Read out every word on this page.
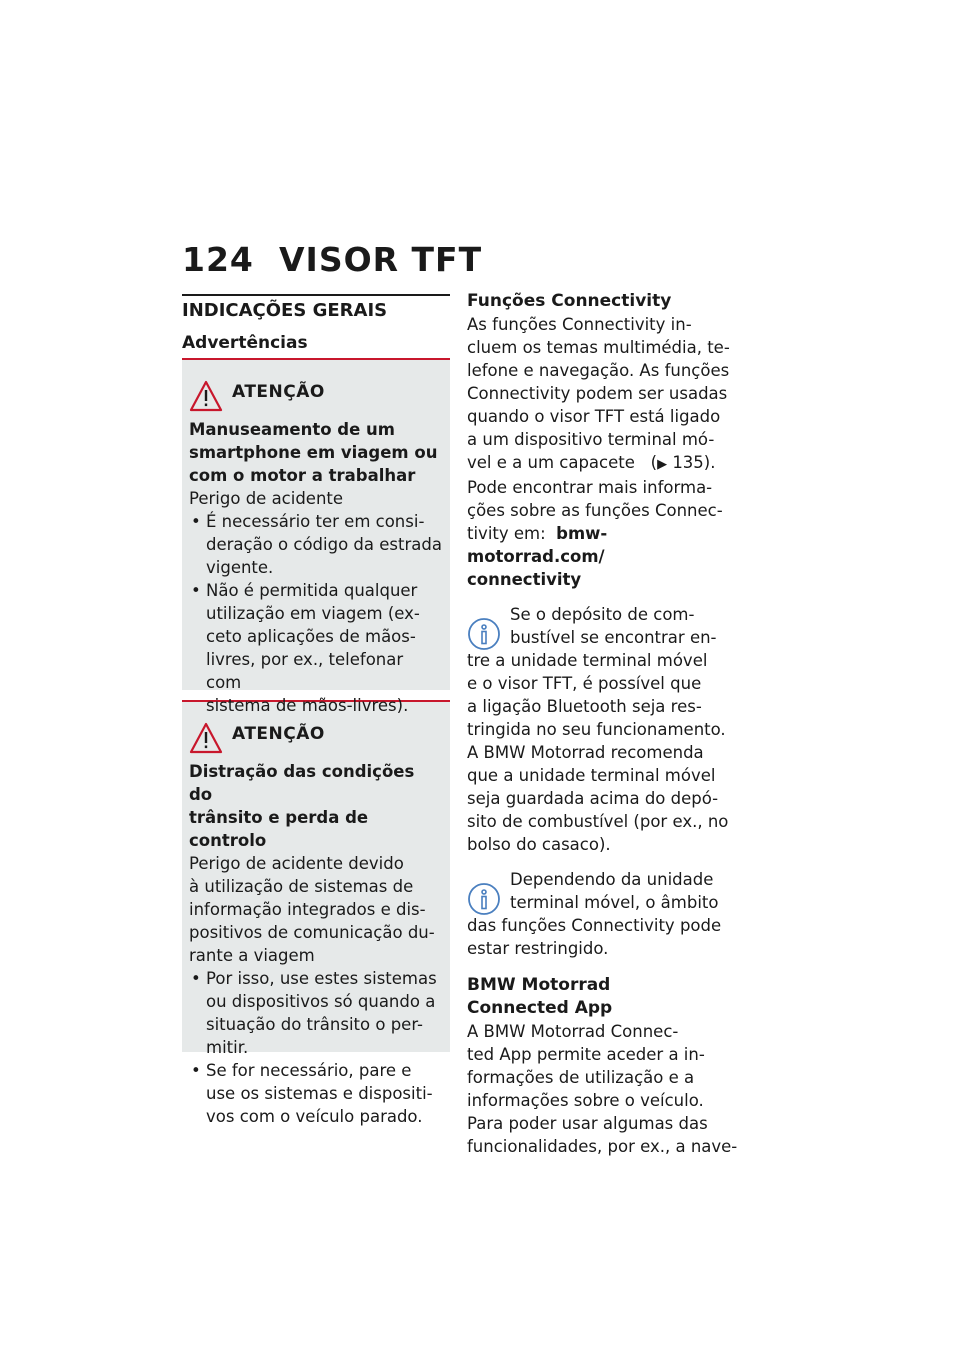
124 VISOR TFT
INDICAÇÕES GERAIS
Advertências
ATENÇÃO

Manuseamento de um
smartphone em viagem ou
com o motor a trabalhar

Perigo de acidente

• É necessário ter em consi-
deração o código da estrada
vigente.
• Não é permitida qualquer
utilização em viagem (ex-
ceto aplicações de mãos-
livres, por ex., telefonar com
sistema de mãos-livres).
ATENÇÃO

Distração das condições do
trânsito e perda de controlo

Perigo de acidente devido
à utilização de sistemas de
informação integrados e dis-
positivos de comunicação du-
rante a viagem

• Por isso, use estes sistemas
ou dispositivos só quando a
situação do trânsito o per-
mitir.
• Se for necessário, pare e
use os sistemas e dispositi-
vos com o veículo parado.
Funções Connectivity

As funções Connectivity in-
cluem os temas multimédia, te-
lefone e navegação. As funções
Connectivity podem ser usadas
quando o visor TFT está ligado
a um dispositivo terminal mó-
vel e a um capacete   (▶ 135).
Pode encontrar mais informa-
ções sobre as funções Connec-
tivity em: bmw-motorrad.com/
connectivity

Se o depósito de com-
bustível se encontrar en-
tre a unidade terminal móvel
e o visor TFT, é possível que
a ligação Bluetooth seja res-
tringida no seu funcionamento.
A BMW Motorrad recomenda
que a unidade terminal móvel
seja guardada acima do depó-
sito de combustível (por ex., no
bolso do casaco).

Dependendo da unidade
terminal móvel, o âmbito
das funções Connectivity pode
estar restringido.

BMW Motorrad
Connected App

A BMW Motorrad Connec-
ted App permite aceder a in-
formações de utilização e a
informações sobre o veículo.
Para poder usar algumas das
funcionalidades, por ex., a nave-
